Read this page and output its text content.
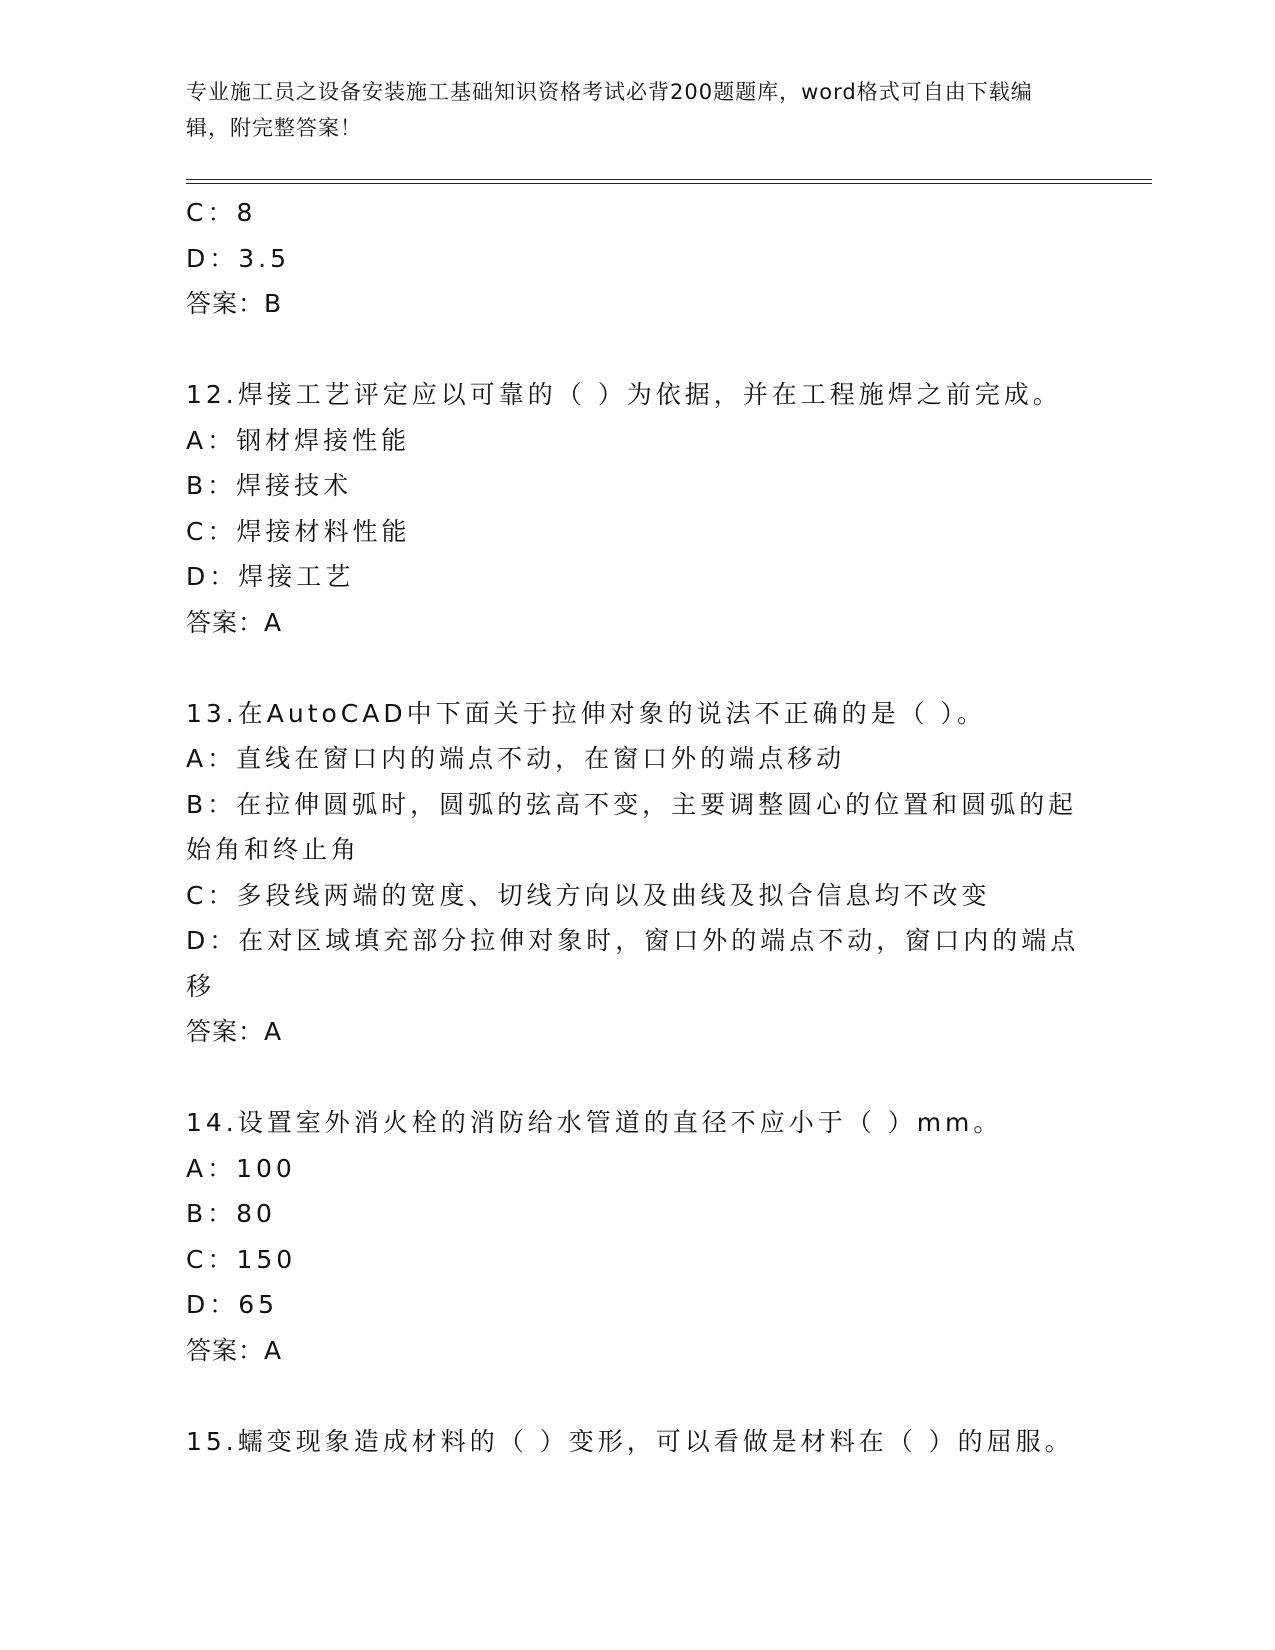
专业施工员之设备安装施工基础知识资格考试必背200题题库，word格式可自由下载编辑，附完整答案！
C：8
D：3.5
答案：B
12.焊接工艺评定应以可靠的（ ）为依据，并在工程施焊之前完成。
A：钢材焊接性能
B：焊接技术
C：焊接材料性能
D：焊接工艺
答案：A
13.在AutoCAD中下面关于拉伸对象的说法不正确的是（ ）。
A：直线在窗口内的端点不动，在窗口外的端点移动
B：在拉伸圆弧时，圆弧的弦高不变，主要调整圆心的位置和圆弧的起始角和终止角
C：多段线两端的宽度、切线方向以及曲线及拟合信息均不改变
D：在对区域填充部分拉伸对象时，窗口外的端点不动，窗口内的端点移
答案：A
14.设置室外消火栓的消防给水管道的直径不应小于（ ）mm。
A：100
B：80
C：150
D：65
答案：A
15.蠕变现象造成材料的（ ）变形，可以看做是材料在（ ）的屈服。
